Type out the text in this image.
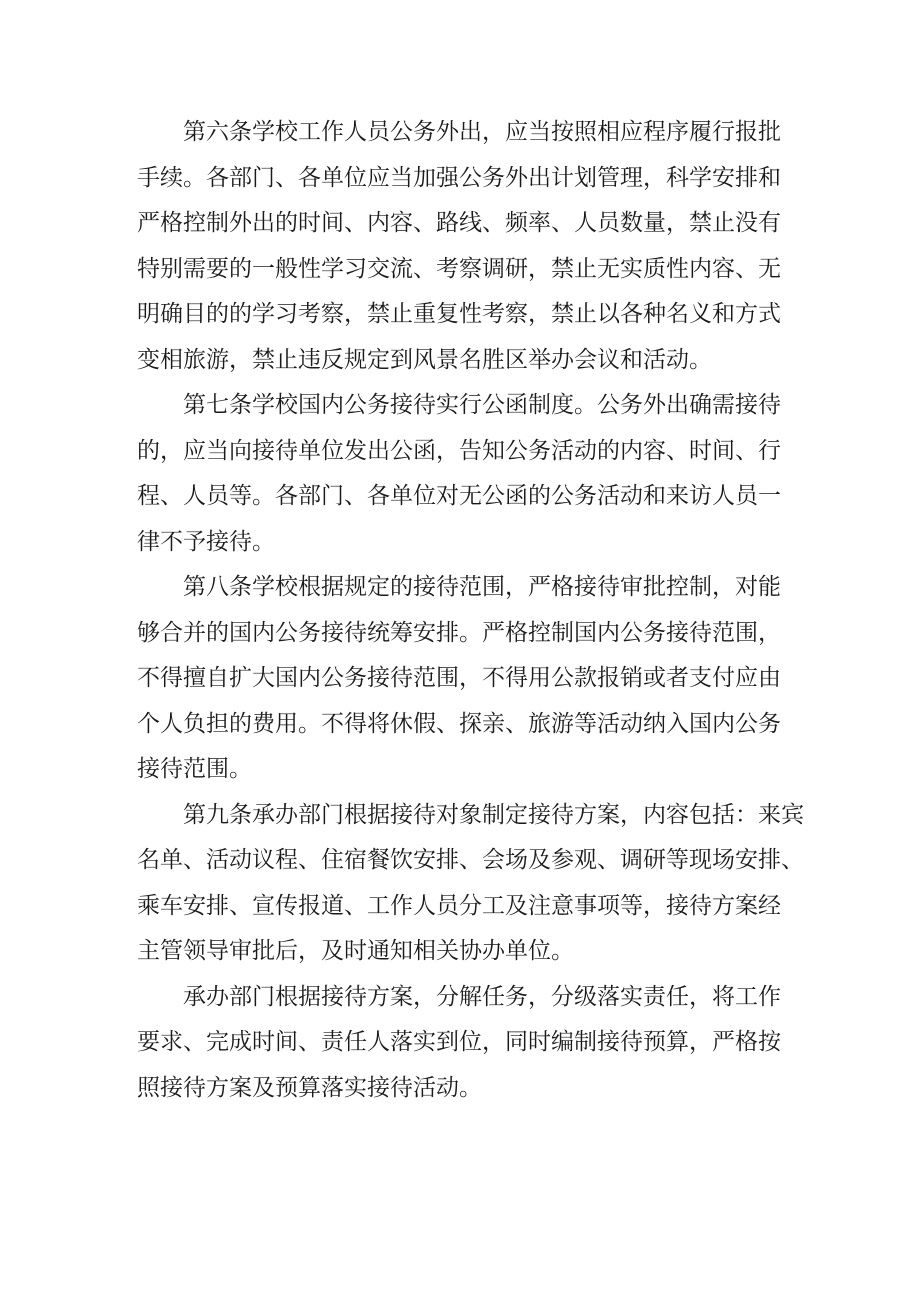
第六条学校工作人员公务外出，应当按照相应程序履行报批
手续。各部门、各单位应当加强公务外出计划管理，科学安排和
严格控制外出的时间、内容、路线、频率、人员数量，禁止没有
特别需要的一般性学习交流、考察调研，禁止无实质性内容、无
明确目的的学习考察，禁止重复性考察，禁止以各种名义和方式
变相旅游，禁止违反规定到风景名胜区举办会议和活动。
第七条学校国内公务接待实行公函制度。公务外出确需接待
的，应当向接待单位发出公函，告知公务活动的内容、时间、行
程、人员等。各部门、各单位对无公函的公务活动和来访人员一
律不予接待。
第八条学校根据规定的接待范围，严格接待审批控制，对能
够合并的国内公务接待统筹安排。严格控制国内公务接待范围，
不得擅自扩大国内公务接待范围，不得用公款报销或者支付应由
个人负担的费用。不得将休假、探亲、旅游等活动纳入国内公务
接待范围。
第九条承办部门根据接待对象制定接待方案，内容包括：来宾
名单、活动议程、住宿餐饮安排、会场及参观、调研等现场安排、
乘车安排、宣传报道、工作人员分工及注意事项等，接待方案经
主管领导审批后，及时通知相关协办单位。
承办部门根据接待方案，分解任务，分级落实责任，将工作
要求、完成时间、责任人落实到位，同时编制接待预算，严格按
照接待方案及预算落实接待活动。
